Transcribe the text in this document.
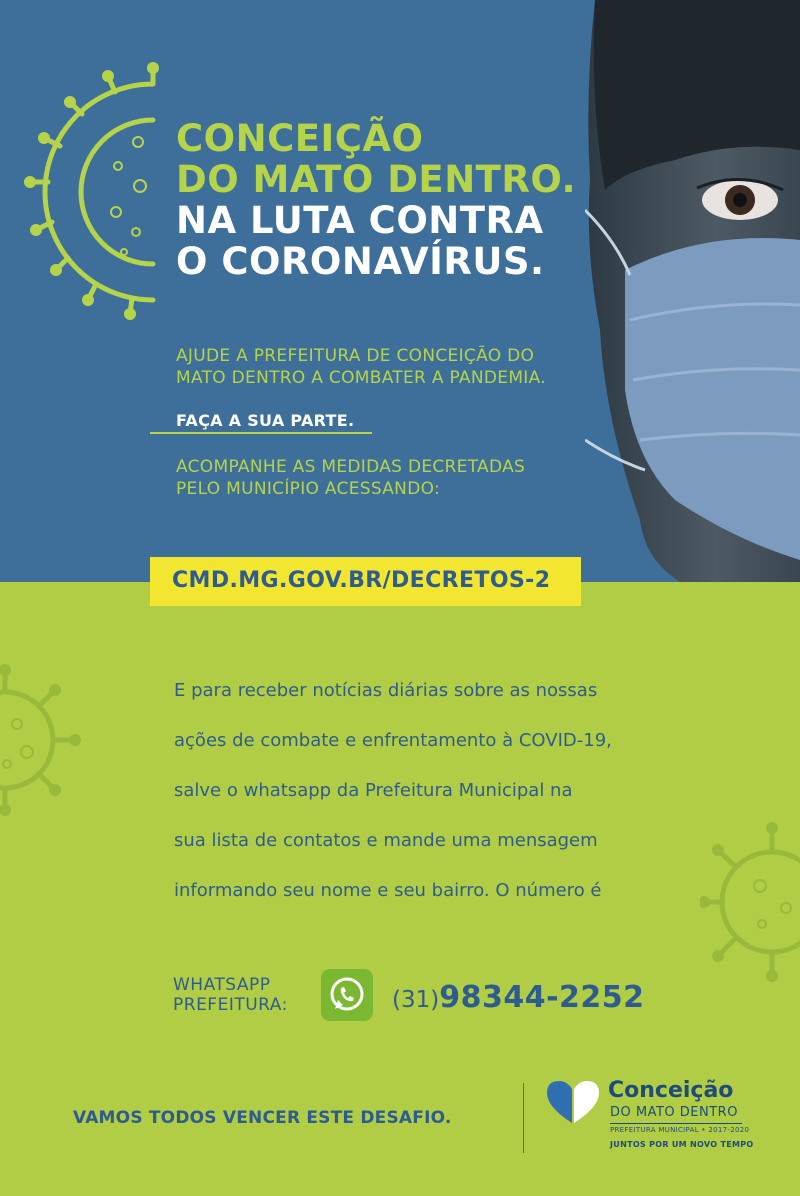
CONCEIÇÃO
DO MATO DENTRO.
NA LUTA CONTRA
O CORONAVÍRUS.
AJUDE A PREFEITURA DE CONCEIÇÃO DO
MATO DENTRO A COMBATER A PANDEMIA.
FAÇA A SUA PARTE.
ACOMPANHE AS MEDIDAS DECRETADAS
PELO MUNICÍPIO ACESSANDO:
CMD.MG.GOV.BR/DECRETOS-2
E para receber notícias diárias sobre as nossas
ações de combate e enfrentamento à COVID-19,
salve o whatsapp da Prefeitura Municipal na
sua lista de contatos e mande uma mensagem
informando seu nome e seu bairro. O número é
WHATSAPP
PREFEITURA:	(31)98344-2252
VAMOS TODOS VENCER ESTE DESAFIO.
Conceição
DO MATO DENTRO
PREFEITURA MUNICIPAL • 2017-2020
JUNTOS POR UM NOVO TEMPO
